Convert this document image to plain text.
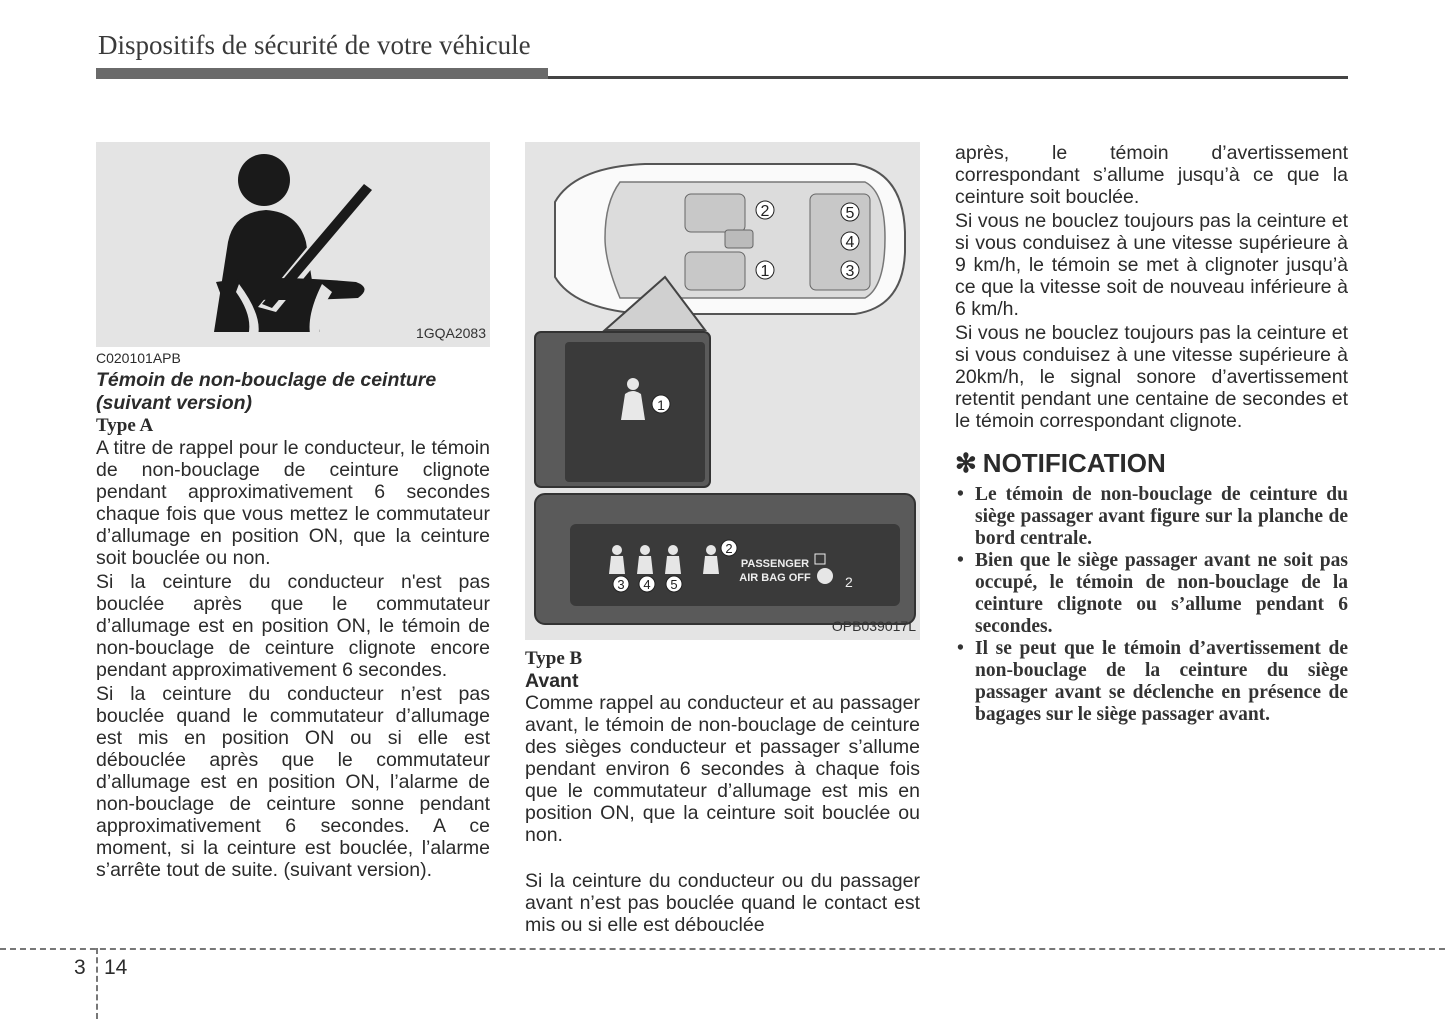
Dispositifs de sécurité de votre véhicule
1GQA2083

C020101APB

Témoin de non-bouclage de ceinture
(suivant version)

Type A

A titre de rappel pour le conducteur, le témoin de non-bouclage de ceinture clignote pendant approximativement 6 secondes chaque fois que vous mettez le commutateur d’allumage en position ON, que la ceinture soit bouclée ou non.

Si la ceinture du conducteur n'est pas bouclée après que le commutateur d’allumage est en position ON, le témoin de non-bouclage de ceinture clignote encore pendant approximativement 6 secondes.

Si la ceinture du conducteur n’est pas bouclée quand le commutateur d’allumage est mis en position ON ou si elle est débouclée après que le commutateur d’allumage est en position ON, l’alarme de non-bouclage de ceinture sonne pendant approximativement 6 secondes. A ce moment, si la ceinture est bouclée, l’alarme s’arrête tout de suite. (suivant version).

1
2
3
4
5
1
3 4 5
2
PASSENGER
AIR BAG OFF 2
OPB039017L

Type B

Avant

Comme rappel au conducteur et au passager avant, le témoin de non-bouclage de ceinture des sièges conducteur et passager s’allume pendant environ 6 secondes à chaque fois que le commutateur d’allumage est mis en position ON, que la ceinture soit bouclée ou non.

Si la ceinture du conducteur ou du passager avant n’est pas bouclée quand le contact est mis ou si elle est débouclée

après, le témoin d’avertissement correspondant s’allume jusqu’à ce que la ceinture soit bouclée.

Si vous ne bouclez toujours pas la ceinture et si vous conduisez à une vitesse supérieure à 9 km/h, le témoin se met à clignoter jusqu’à ce que la vitesse soit de nouveau inférieure à 6 km/h.

Si vous ne bouclez toujours pas la ceinture et si vous conduisez à une vitesse supérieure à 20km/h, le signal sonore d’avertissement retentit pendant une centaine de secondes et le témoin correspondant clignote.

✻ NOTIFICATION
• Le témoin de non-bouclage de ceinture du siège passager avant figure sur la planche de bord centrale.
• Bien que le siège passager avant ne soit pas occupé, le témoin de non-bouclage de la ceinture clignote ou s’allume pendant 6 secondes.
• Il se peut que le témoin d’avertissement de non-bouclage de la ceinture du siège passager avant se déclenche en présence de bagages sur le siège passager avant.
3 14
